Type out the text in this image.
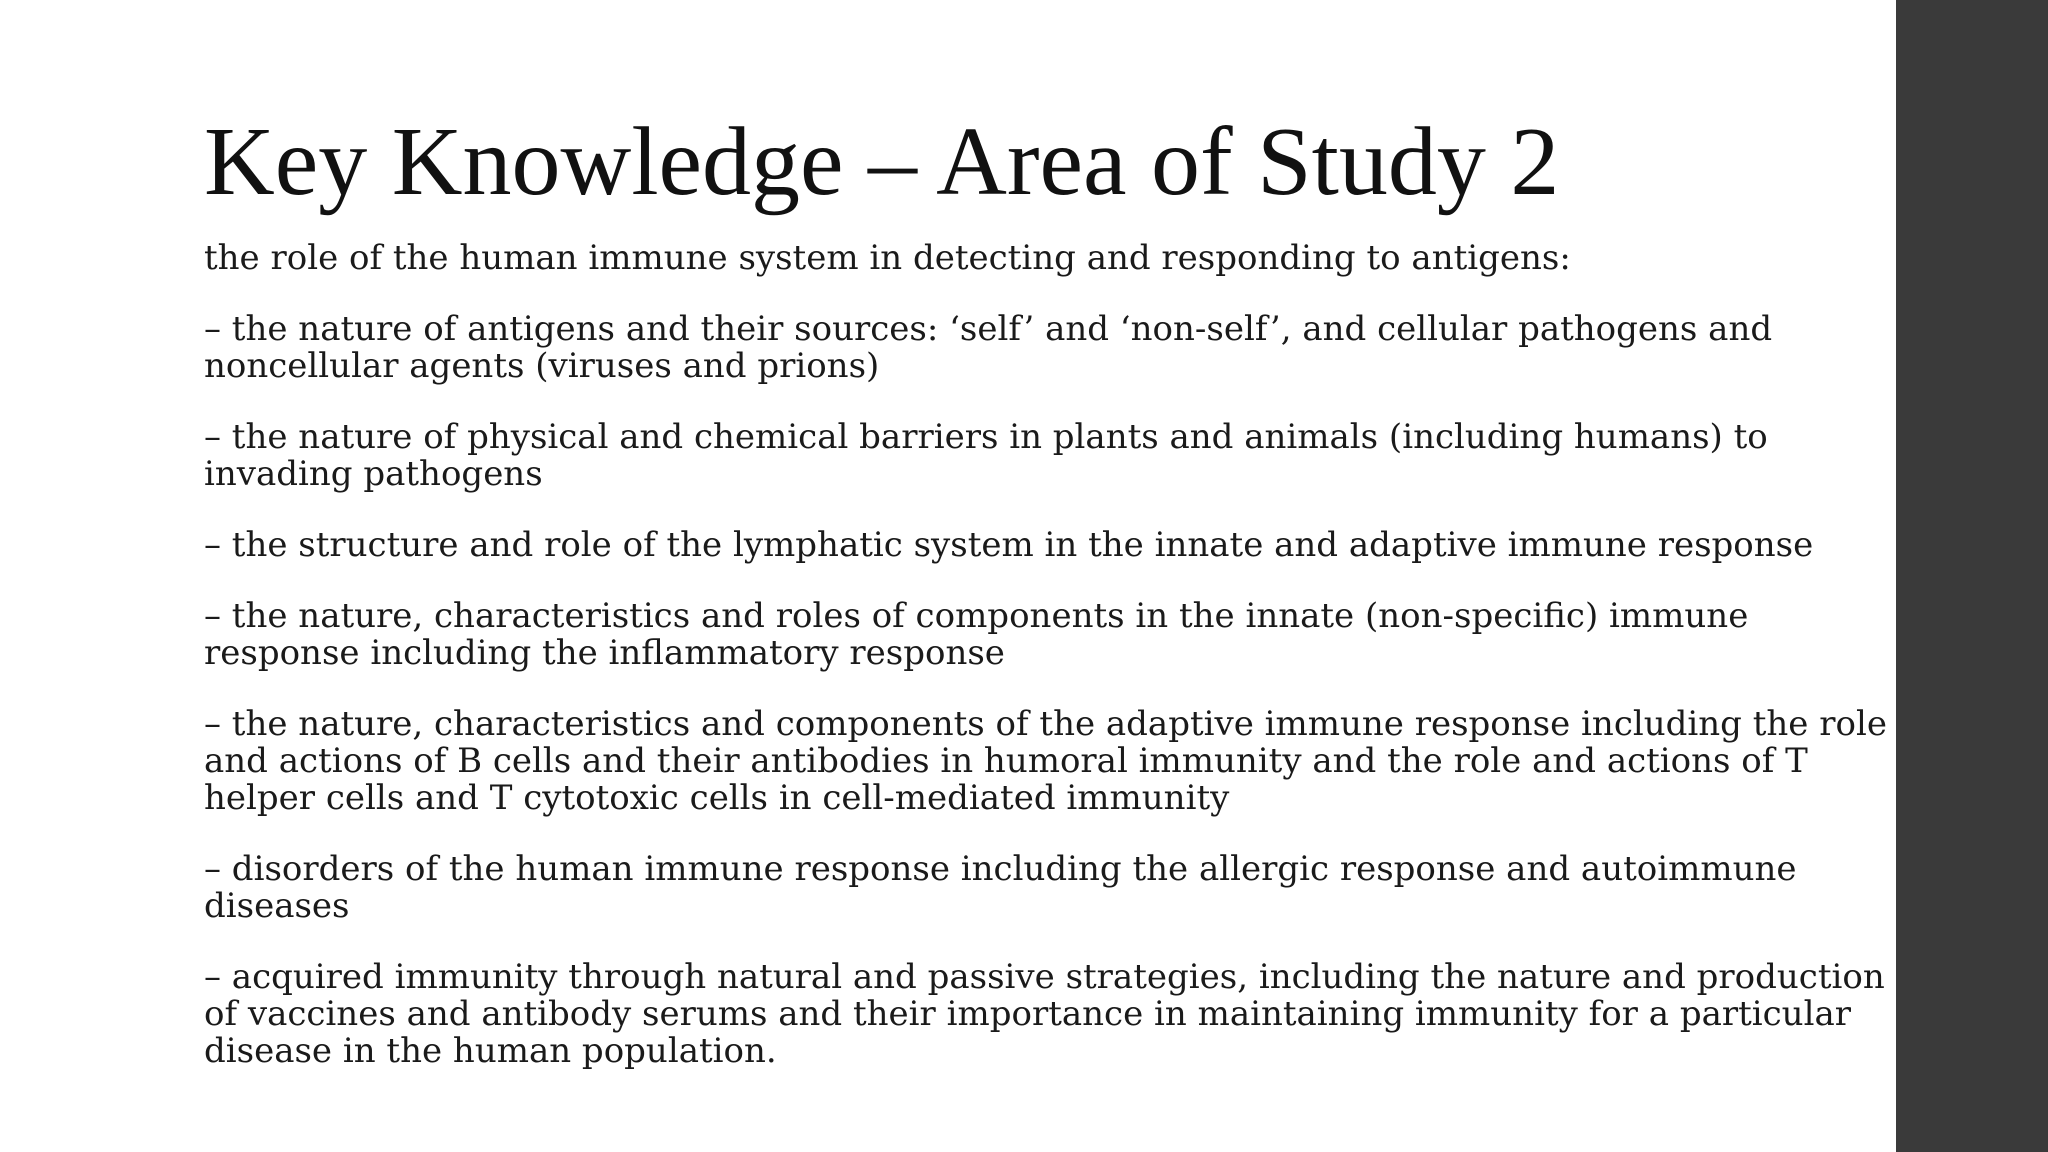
Key Knowledge – Area of Study 2

the role of the human immune system in detecting and responding to antigens:

– the nature of antigens and their sources: ‘self’ and ‘non-self’, and cellular pathogens and noncellular agents (viruses and prions)

– the nature of physical and chemical barriers in plants and animals (including humans) to invading pathogens

– the structure and role of the lymphatic system in the innate and adaptive immune response

– the nature, characteristics and roles of components in the innate (non-specific) immune response including the inflammatory response

– the nature, characteristics and components of the adaptive immune response including the role and actions of B cells and their antibodies in humoral immunity and the role and actions of T helper cells and T cytotoxic cells in cell-mediated immunity

– disorders of the human immune response including the allergic response and autoimmune diseases

– acquired immunity through natural and passive strategies, including the nature and production of vaccines and antibody serums and their importance in maintaining immunity for a particular disease in the human population.
